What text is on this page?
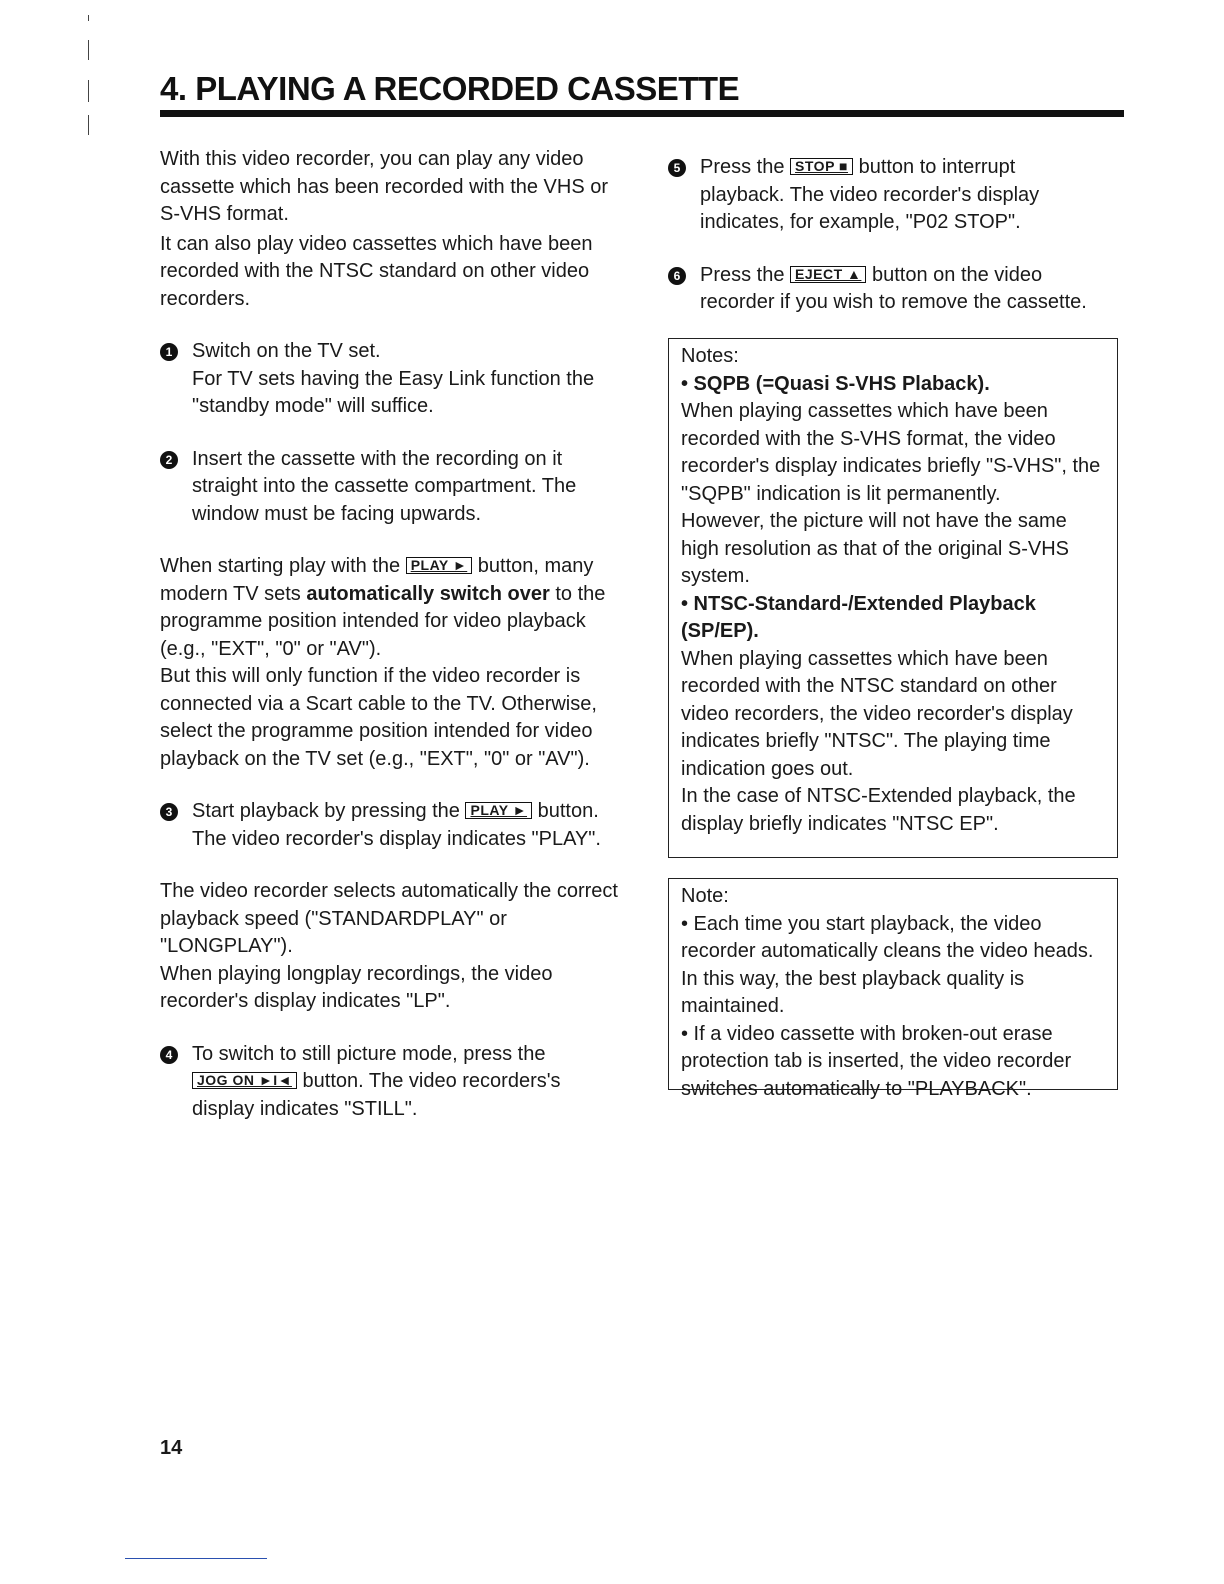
4. PLAYING A RECORDED CASSETTE

With this video recorder, you can play any video cassette which has been recorded with the VHS or S-VHS format.

It can also play video cassettes which have been recorded with the NTSC standard on other video recorders.

1 Switch on the TV set.

For TV sets having the Easy Link function the "standby mode" will suffice.

2 Insert the cassette with the recording on it straight into the cassette compartment. The window must be facing upwards.

When starting play with the PLAY ► button, many modern TV sets automatically switch over to the programme position intended for video playback (e.g., "EXT", "0" or "AV").

But this will only function if the video recorder is connected via a Scart cable to the TV. Otherwise, select the programme position intended for video playback on the TV set (e.g., "EXT", "0" or "AV").

3 Start playback by pressing the PLAY ► button. The video recorder's display indicates "PLAY".

The video recorder selects automatically the correct playback speed ("STANDARDPLAY" or "LONGPLAY").

When playing longplay recordings, the video recorder's display indicates "LP".

4 To switch to still picture mode, press the JOG ON ►I◄ button. The video recorders's display indicates "STILL".

5 Press the STOP ■ button to interrupt playback. The video recorder's display indicates, for example, "P02 STOP".

6 Press the EJECT ▲ button on the video recorder if you wish to remove the cassette.

Notes:

• SQPB (=Quasi S-VHS Plaback).

When playing cassettes which have been recorded with the S-VHS format, the video recorder's display indicates briefly "S-VHS", the "SQPB" indication is lit permanently.

However, the picture will not have the same high resolution as that of the original S-VHS system.

• NTSC-Standard-/Extended Playback (SP/EP).

When playing cassettes which have been recorded with the NTSC standard on other video recorders, the video recorder's display indicates briefly "NTSC". The playing time indication goes out.

In the case of NTSC-Extended playback, the display briefly indicates "NTSC EP".

Note:

• Each time you start playback, the video recorder automatically cleans the video heads. In this way, the best playback quality is maintained.

• If a video cassette with broken-out erase protection tab is inserted, the video recorder switches automatically to "PLAYBACK".

14
